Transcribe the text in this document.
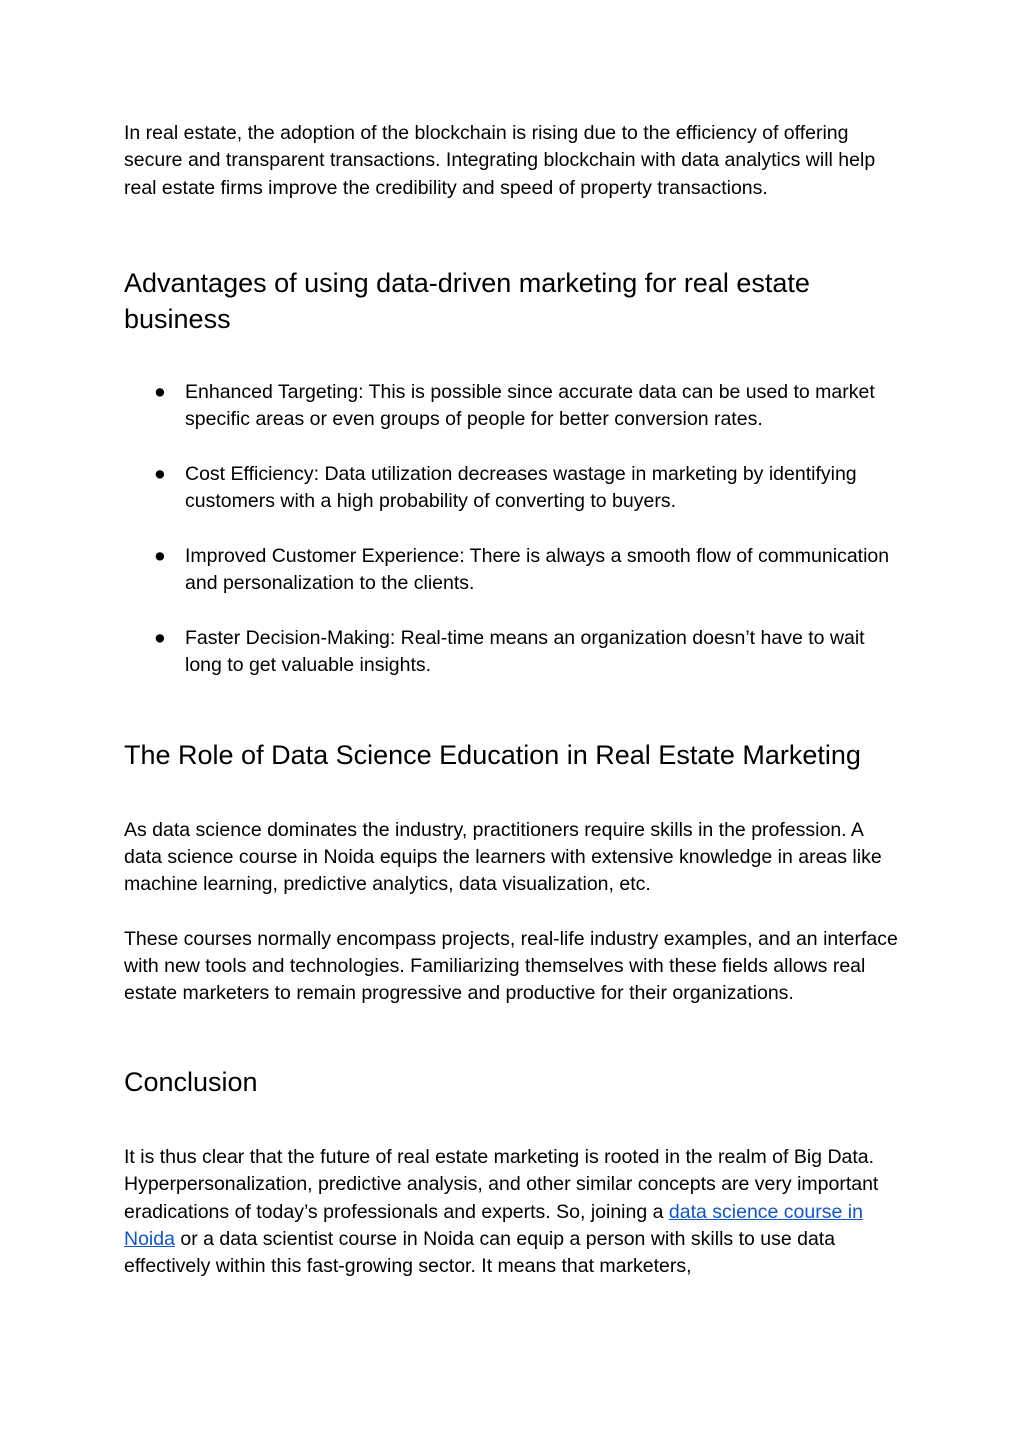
In real estate, the adoption of the blockchain is rising due to the efficiency of offering secure and transparent transactions. Integrating blockchain with data analytics will help real estate firms improve the credibility and speed of property transactions.

Advantages of using data-driven marketing for real estate business
● Enhanced Targeting: This is possible since accurate data can be used to market specific areas or even groups of people for better conversion rates.
● Cost Efficiency: Data utilization decreases wastage in marketing by identifying customers with a high probability of converting to buyers.
● Improved Customer Experience: There is always a smooth flow of communication and personalization to the clients.
● Faster Decision-Making: Real-time means an organization doesn’t have to wait long to get valuable insights.
The Role of Data Science Education in Real Estate Marketing

As data science dominates the industry, practitioners require skills in the profession. A data science course in Noida equips the learners with extensive knowledge in areas like machine learning, predictive analytics, data visualization, etc.

These courses normally encompass projects, real-life industry examples, and an interface with new tools and technologies. Familiarizing themselves with these fields allows real estate marketers to remain progressive and productive for their organizations.

Conclusion

It is thus clear that the future of real estate marketing is rooted in the realm of Big Data. Hyperpersonalization, predictive analysis, and other similar concepts are very important eradications of today’s professionals and experts. So, joining a data science course in Noida or a data scientist course in Noida can equip a person with skills to use data effectively within this fast-growing sector. It means that marketers,
